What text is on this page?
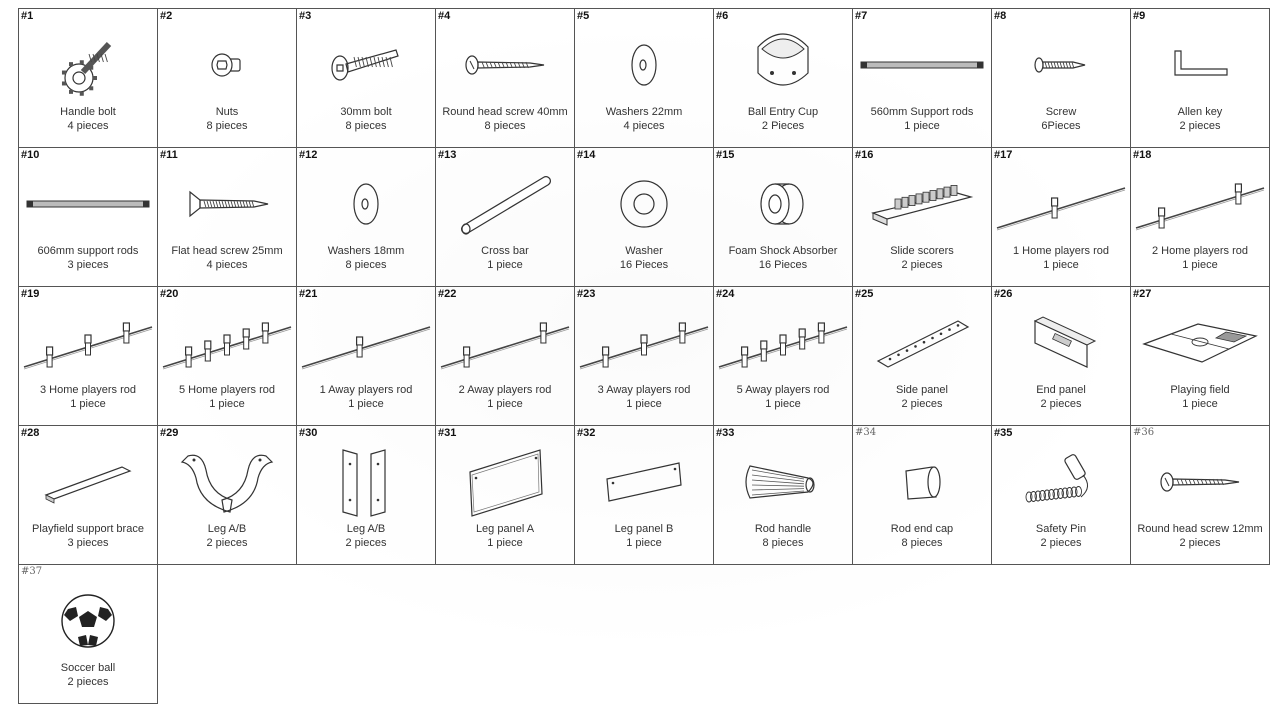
#1
Handle bolt
4 pieces
#2
Nuts
8 pieces
#3
30mm bolt
8 pieces
#4
Round head screw 40mm
8 pieces
#5
Washers 22mm
4 pieces
#6
Ball Entry Cup
2 Pieces
#7
560mm Support rods
1 piece
#8
Screw
6Pieces
#9
Allen key
2 pieces
#10
606mm support rods
3 pieces
#11
Flat head screw 25mm
4 pieces
#12
Washers 18mm
8 pieces
#13
Cross bar
1 piece
#14
Washer
16 Pieces
#15
Foam Shock Absorber
16 Pieces
#16
Slide scorers
2 pieces
#17
1 Home players rod
1 piece
#18
2 Home players rod
1 piece
#19
3 Home players rod
1 piece
#20
5 Home players rod
1 piece
#21
1 Away players rod
1 piece
#22
2 Away players rod
1 piece
#23
3 Away players rod
1 piece
#24
5 Away players rod
1 piece
#25
Side panel
2 pieces
#26
End panel
2 pieces
#27
Playing field
1 piece
#28
Playfield support brace
3 pieces
#29
Leg A/B
2 pieces
#30
Leg A/B
2 pieces
#31
Leg panel A
1 piece
#32
Leg panel B
1 piece
#33
Rod handle
8 pieces
#34
Rod end cap
8 pieces
#35
Safety Pin
2 pieces
#36
Round head screw 12mm
2 pieces
#37
Soccer ball
2 pieces
